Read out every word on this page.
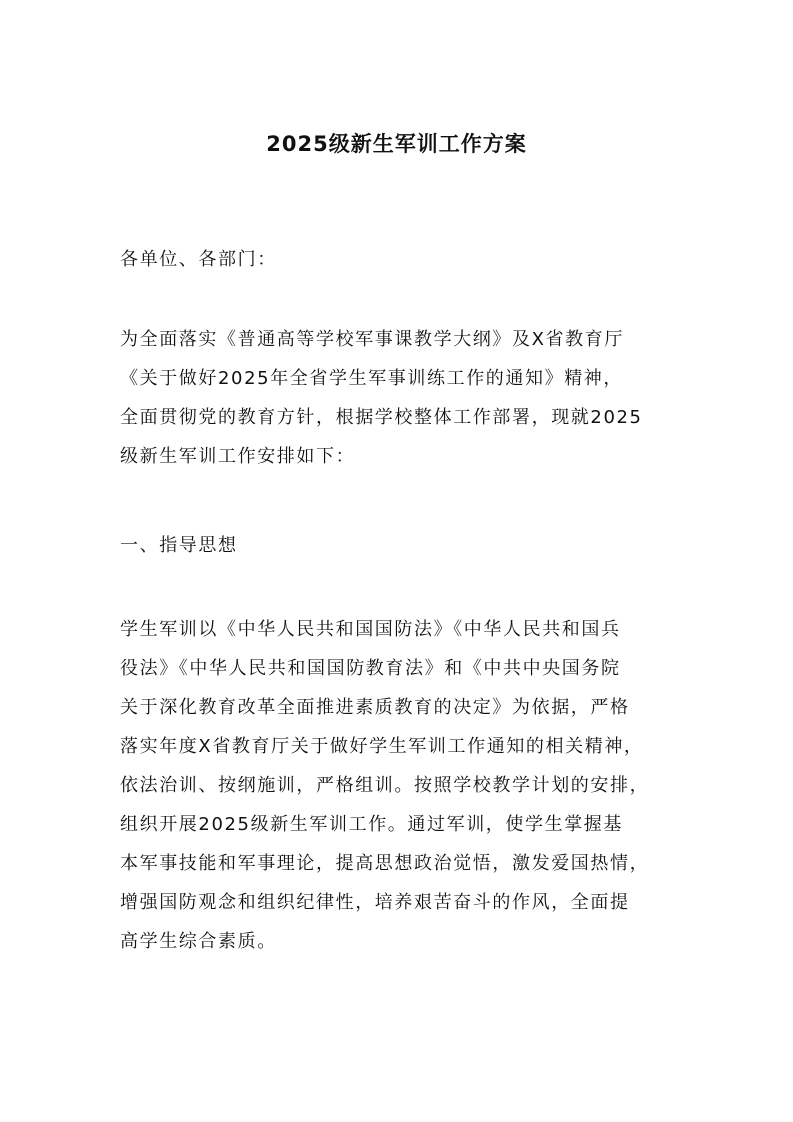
2025级新生军训工作方案

各单位、各部门：

为全面落实《普通高等学校军事课教学大纲》及X省教育厅
《关于做好2025年全省学生军事训练工作的通知》精神，
全面贯彻党的教育方针，根据学校整体工作部署，现就2025
级新生军训工作安排如下：

一、指导思想

学生军训以《中华人民共和国国防法》《中华人民共和国兵
役法》《中华人民共和国国防教育法》和《中共中央国务院
关于深化教育改革全面推进素质教育的决定》为依据，严格
落实年度X省教育厅关于做好学生军训工作通知的相关精神，
依法治训、按纲施训，严格组训。按照学校教学计划的安排，
组织开展2025级新生军训工作。通过军训，使学生掌握基
本军事技能和军事理论，提高思想政治觉悟，激发爱国热情，
增强国防观念和组织纪律性，培养艰苦奋斗的作风，全面提
高学生综合素质。
